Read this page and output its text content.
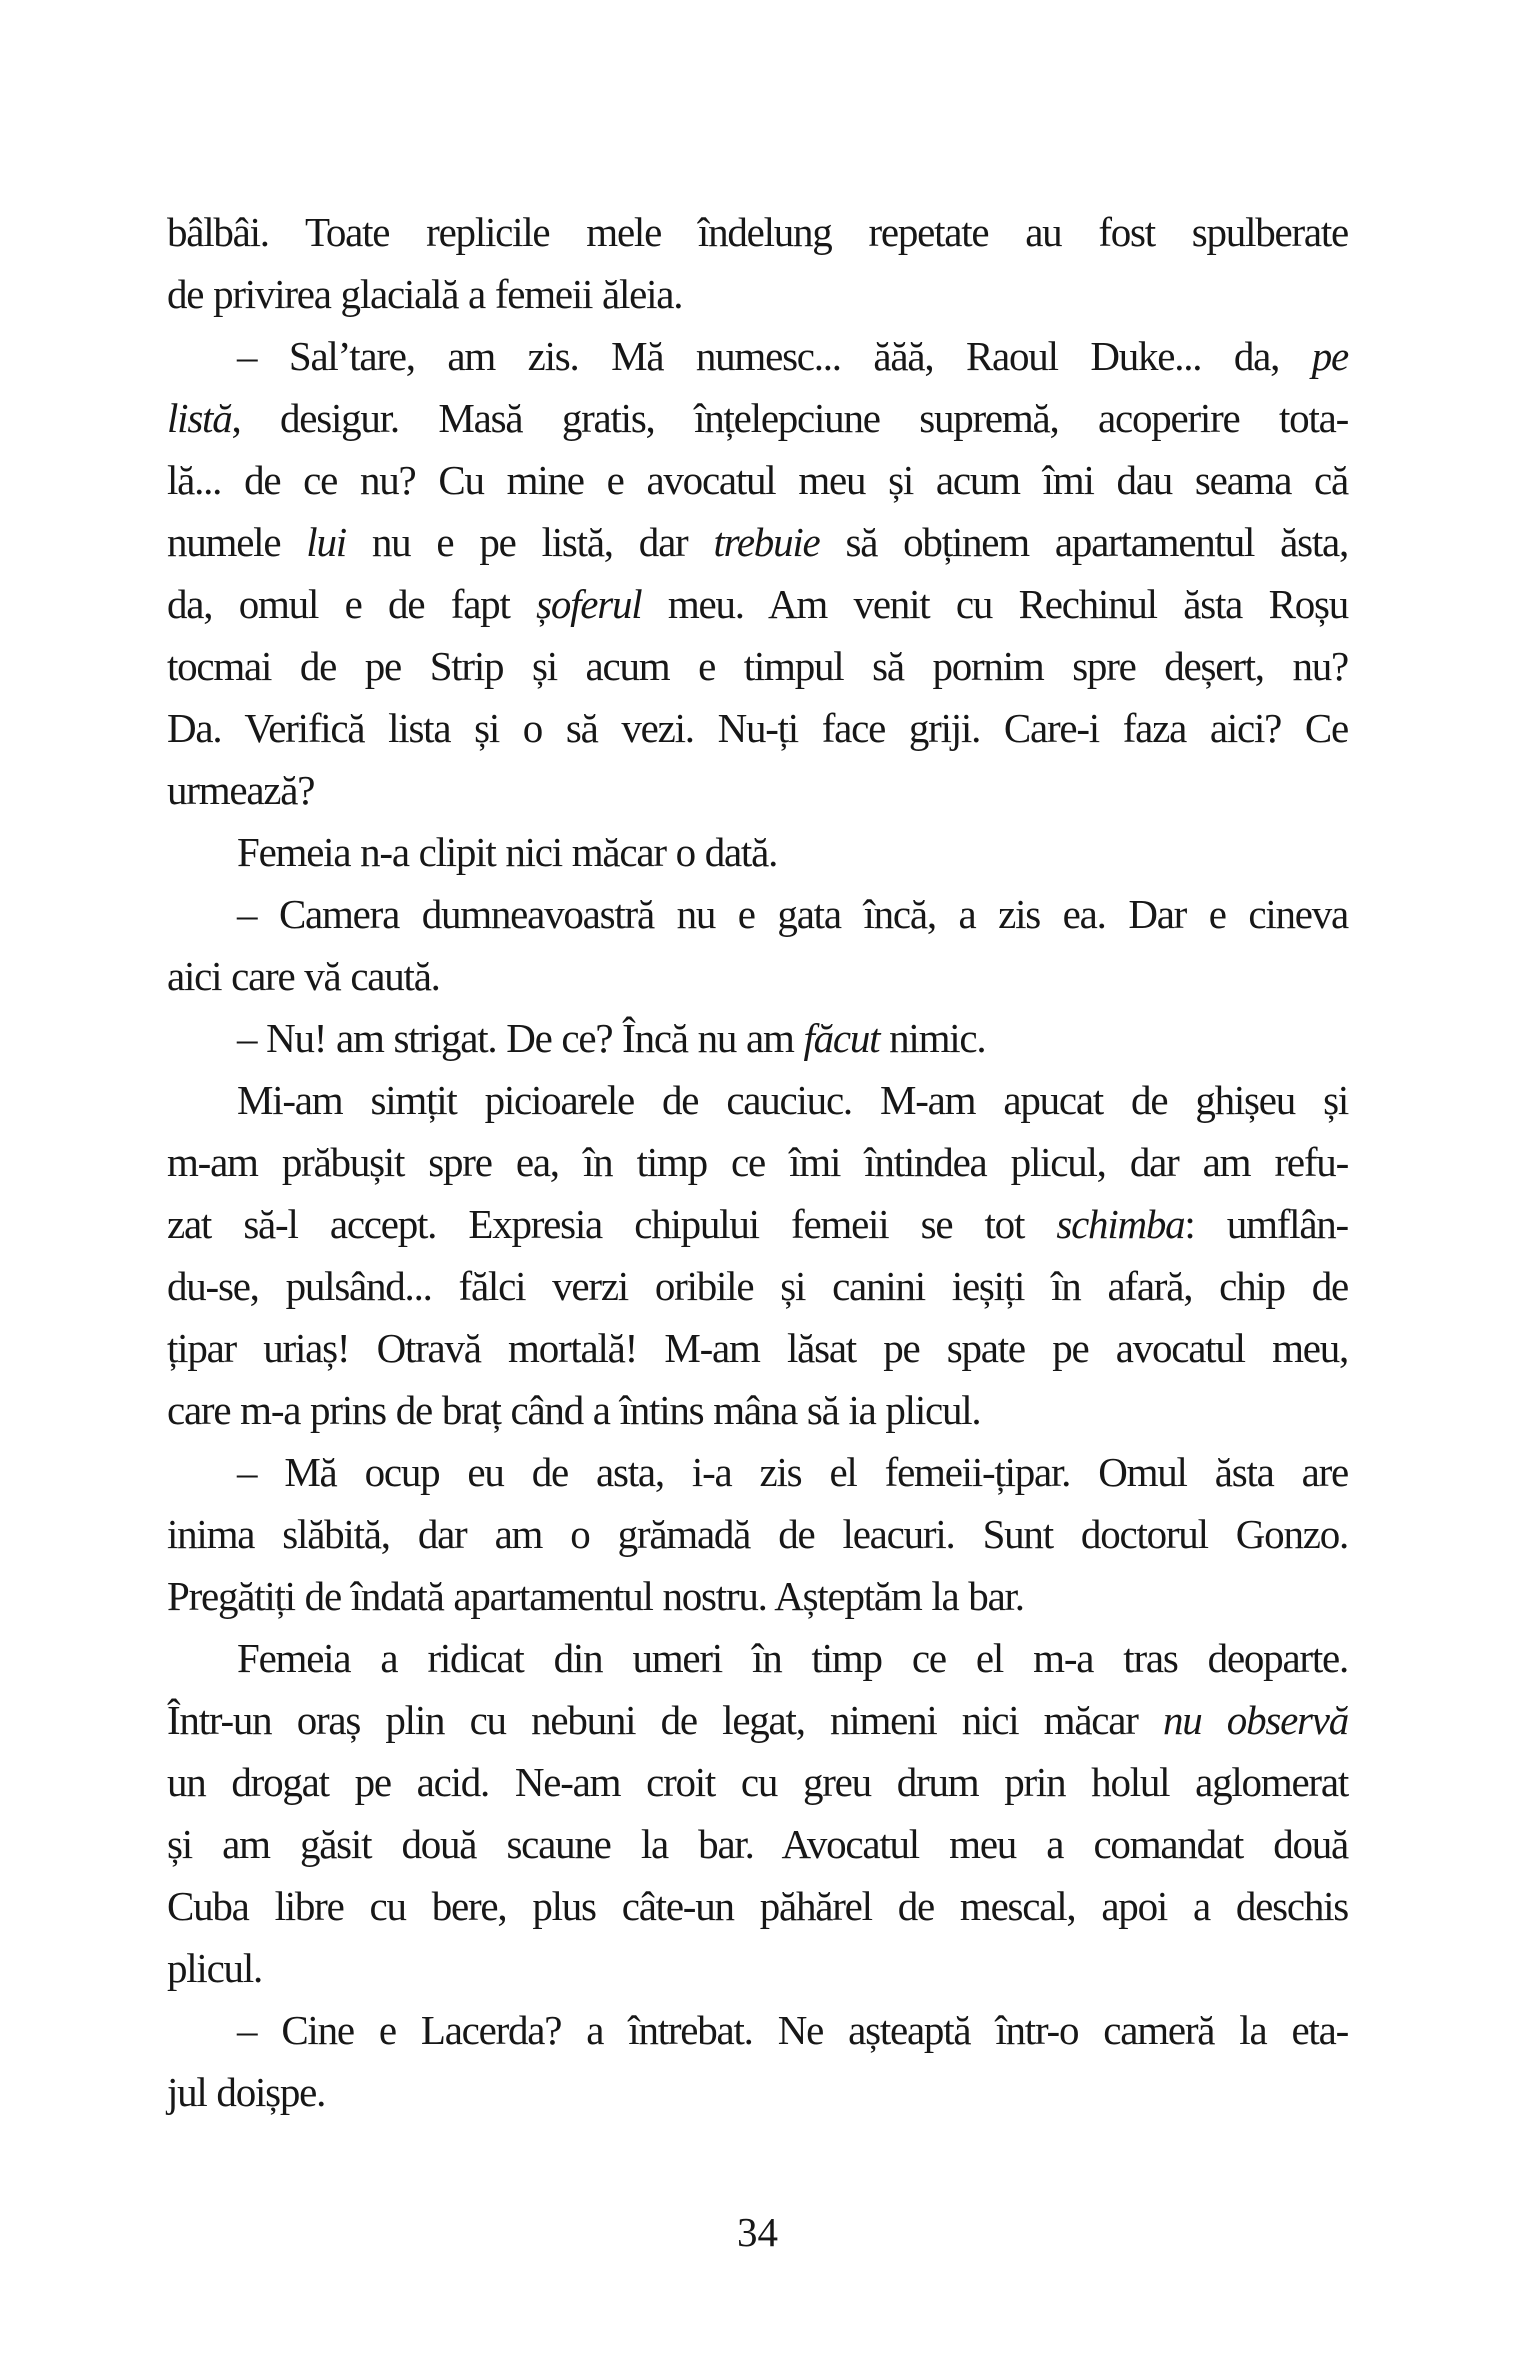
bâlbâi. Toate replicile mele îndelung repetate au fost spulberate
de privirea glacială a femeii ăleia.
– Sal’tare, am zis. Mă numesc... ăăă, Raoul Duke... da, pe
listă, desigur. Masă gratis, înțelepciune supremă, acoperire tota-
lă... de ce nu? Cu mine e avocatul meu și acum îmi dau seama că
numele lui nu e pe listă, dar trebuie să obținem apartamentul ăsta,
da, omul e de fapt șoferul meu. Am venit cu Rechinul ăsta Roșu
tocmai de pe Strip și acum e timpul să pornim spre deșert, nu?
Da. Verifică lista și o să vezi. Nu-ți face griji. Care-i faza aici? Ce
urmează?
Femeia n-a clipit nici măcar o dată.
– Camera dumneavoastră nu e gata încă, a zis ea. Dar e cineva
aici care vă caută.
– Nu! am strigat. De ce? Încă nu am făcut nimic.
Mi-am simțit picioarele de cauciuc. M-am apucat de ghișeu și
m-am prăbușit spre ea, în timp ce îmi întindea plicul, dar am refu-
zat să-l accept. Expresia chipului femeii se tot schimba: umflân-
du-se, pulsând... fălci verzi oribile și canini ieșiți în afară, chip de
țipar uriaș! Otravă mortală! M-am lăsat pe spate pe avocatul meu,
care m-a prins de braț când a întins mâna să ia plicul.
– Mă ocup eu de asta, i-a zis el femeii-țipar. Omul ăsta are
inima slăbită, dar am o grămadă de leacuri. Sunt doctorul Gonzo.
Pregătiți de îndată apartamentul nostru. Așteptăm la bar.
Femeia a ridicat din umeri în timp ce el m-a tras deoparte.
Într-un oraș plin cu nebuni de legat, nimeni nici măcar nu observă
un drogat pe acid. Ne-am croit cu greu drum prin holul aglomerat
și am găsit două scaune la bar. Avocatul meu a comandat două
Cuba libre cu bere, plus câte-un păhărel de mescal, apoi a deschis
plicul.
– Cine e Lacerda? a întrebat. Ne așteaptă într-o cameră la eta-
jul doișpe.
34
